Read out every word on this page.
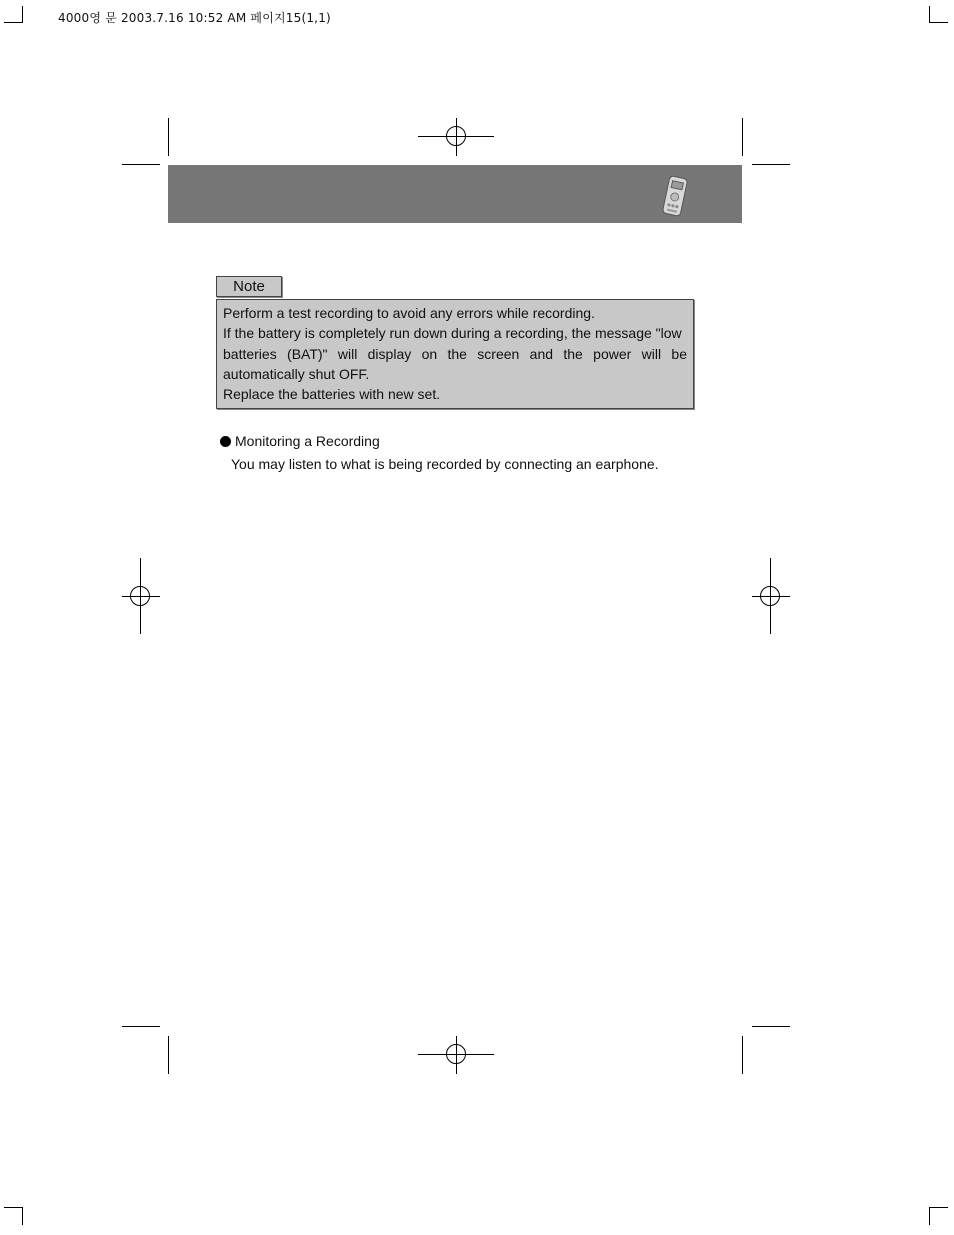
4000영 문 2003.7.16 10:52 AM 페이지15(1,1)
Note

Perform a test recording to avoid any errors while recording.

If the battery is completely run down during a recording, the message "low

batteries (BAT)" will display on the screen and the power will be

automatically shut OFF.

Replace the batteries with new set.

Monitoring a Recording
You may listen to what is being recorded by connecting an earphone.
